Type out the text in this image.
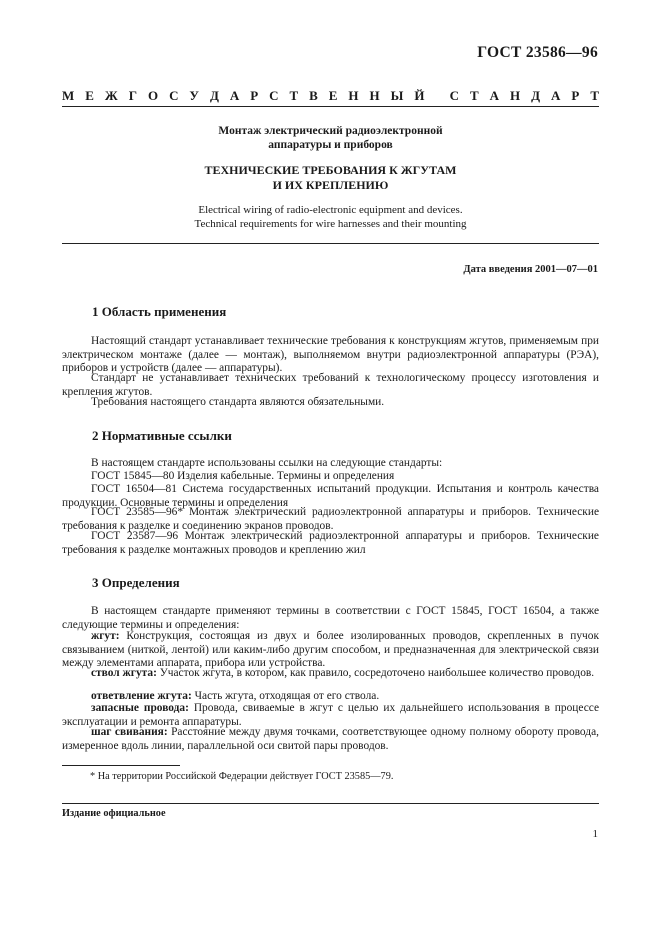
ГОСТ 23586—96
М Е Ж Г О С У Д А Р С Т В Е Н Н Ы Й
С Т А Н Д А Р Т
Монтаж электрический радиоэлектронной
аппаратуры и приборов
ТЕХНИЧЕСКИЕ ТРЕБОВАНИЯ К ЖГУТАМ
И ИХ КРЕПЛЕНИЮ
Electrical wiring of radio-electronic equipment and devices.
Technical requirements for wire harnesses and their mounting
Дата введения 2001—07—01
1 Область применения

Настоящий стандарт устанавливает технические требования к конструкциям жгутов, применяемым при электрическом монтаже (далее — монтаж), выполняемом внутри радиоэлектронной аппаратуры (РЭА), приборов и устройств (далее — аппаратуры).

Стандарт не устанавливает технических требований к технологическому процессу изготовления и крепления жгутов.

Требования настоящего стандарта являются обязательными.

2 Нормативные ссылки

В настоящем стандарте использованы ссылки на следующие стандарты:

ГОСТ 15845—80 Изделия кабельные. Термины и определения

ГОСТ 16504—81 Система государственных испытаний продукции. Испытания и контроль качества продукции. Основные термины и определения

ГОСТ 23585—96* Монтаж электрический радиоэлектронной аппаратуры и приборов. Технические требования к разделке и соединению экранов проводов.

ГОСТ 23587—96 Монтаж электрический радиоэлектронной аппаратуры и приборов. Технические требования к разделке монтажных проводов и креплению жил

3 Определения

В настоящем стандарте применяют термины в соответствии с ГОСТ 15845, ГОСТ 16504, а также следующие термины и определения:

жгут: Конструкция, состоящая из двух и более изолированных проводов, скрепленных в пучок связыванием (ниткой, лентой) или каким-либо другим способом, и предназначенная для электрической связи между элементами аппарата, прибора или устройства.

ствол жгута: Участок жгута, в котором, как правило, сосредоточено наибольшее количество проводов.

ответвление жгута: Часть жгута, отходящая от его ствола.

запасные провода: Провода, свиваемые в жгут с целью их дальнейшего использования в процессе эксплуатации и ремонта аппаратуры.

шаг свивания: Расстояние между двумя точками, соответствующее одному полному обороту провода, измеренное вдоль линии, параллельной оси свитой пары проводов.

* На территории Российской Федерации действует ГОСТ 23585—79.
Издание официальное
1
